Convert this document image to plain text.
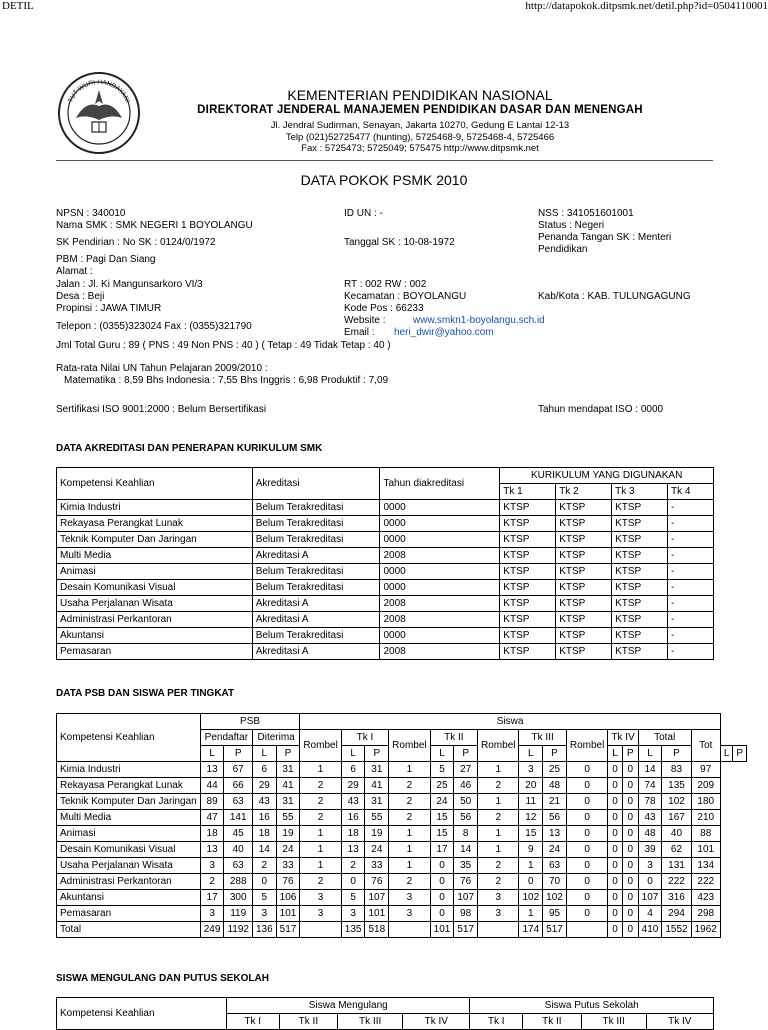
DETIL	http://datapokok.ditpsmk.net/detil.php?id=0504110001
TUT WURI HANDAYANI	KEMENTERIAN PENDIDIKAN NASIONAL
DIREKTORAT JENDERAL MANAJEMEN PENDIDIKAN DASAR DAN MENENGAH
Jl. Jendral Sudirman, Senayan, Jakarta 10270, Gedung E Lantai 12-13
Telp (021)52725477 (hunting), 5725468-9, 5725468-4, 5725466
Fax : 5725473; 5725049; 575475 http://www.ditpsmk.net
DATA POKOK PSMK 2010
NPSN : 340010	ID UN : -	NSS : 341051601001
Nama SMK : SMK NEGERI 1 BOYOLANGU	Status : Negeri
Penanda Tangan SK : Menteri
Pendidikan
SK Pendirian : No SK : 0124/0/1972	Tanggal SK : 10-08-1972
PBM : Pagi Dan Siang
Alamat :
Jalan : Jl. Ki Mangunsarkoro VI/3	RT : 002 RW : 002
Desa : Beji	Kecamatan : BOYOLANGU	Kab/Kota : KAB. TULUNGAGUNG
Propinsi : JAWA TIMUR	Kode Pos : 66233
Website :	www.smkn1-boyolangu.sch.id
Telepon : (0355)323024 Fax : (0355)321790
Email : heri_dwir@yahoo.com
Jml Total Guru : 89 ( PNS : 49 Non PNS : 40 ) ( Tetap : 49 Tidak Tetap : 40 )
Rata-rata Nilai UN Tahun Pelajaran 2009/2010 :
Matematika : 8,59 Bhs Indonesia : 7,55 Bhs Inggris : 6,98 Produktif : 7,09
Sertifikasi ISO 9001:2000 : Belum Bersertifikasi	Tahun mendapat ISO : 0000
DATA AKREDITASI DAN PENERAPAN KURIKULUM SMK
Kompetensi Keahlian	Akreditasi	Tahun diakreditasi	KURIKULUM YANG DIGUNAKAN			
			Tk 1	Tk 2	Tk 3	Tk 4
Kimia Industri	Belum Terakreditasi	0000	KTSP	KTSP	KTSP	-
Rekayasa Perangkat Lunak	Belum Terakreditasi	0000	KTSP	KTSP	KTSP	-
Teknik Komputer Dan Jaringan	Belum Terakreditasi	0000	KTSP	KTSP	KTSP	-
Multi Media	Akreditasi A	2008	KTSP	KTSP	KTSP	-
Animasi	Belum Terakreditasi	0000	KTSP	KTSP	KTSP	-
Desain Komunikasi Visual	Belum Terakreditasi	0000	KTSP	KTSP	KTSP	-
Usaha Perjalanan Wisata	Akreditasi A	2008	KTSP	KTSP	KTSP	-
Administrasi Perkantoran	Akreditasi A	2008	KTSP	KTSP	KTSP	-
Akuntansi	Belum Terakreditasi	0000	KTSP	KTSP	KTSP	-
Pemasaran	Akreditasi A	2008	KTSP	KTSP	KTSP	-
DATA PSB DAN SISWA PER TINGKAT
Kompetensi Keahlian	PSB				Siswa																
	Pendaftar		Diterima		Rombel	Tk I		Rombel	Tk II		Rombel	Tk III		Rombel	Tk IV		Total		Tot		
	L	P	L	P		L	P		L	P		L	P		L	P	L	P		L	P
Kimia Industri	13	67	6	31	1	6	31	1	5	27	1	3	25	0	0	0	14	83	97		
Rekayasa Perangkat Lunak	44	66	29	41	2	29	41	2	25	46	2	20	48	0	0	0	74	135	209		
Teknik Komputer Dan Jaringan	89	63	43	31	2	43	31	2	24	50	1	11	21	0	0	0	78	102	180		
Multi Media	47	141	16	55	2	16	55	2	15	56	2	12	56	0	0	0	43	167	210		
Animasi	18	45	18	19	1	18	19	1	15	8	1	15	13	0	0	0	48	40	88		
Desain Komunikasi Visual	13	40	14	24	1	13	24	1	17	14	1	9	24	0	0	0	39	62	101		
Usaha Perjalanan Wisata	3	63	2	33	1	2	33	1	0	35	2	1	63	0	0	0	3	131	134		
Administrasi Perkantoran	2	288	0	76	2	0	76	2	0	76	2	0	70	0	0	0	0	222	222		
Akuntansi	17	300	5	106	3	5	107	3	0	107	3	102	102	0	0	0	107	316	423		
Pemasaran	3	119	3	101	3	3	101	3	0	98	3	1	95	0	0	0	4	294	298		
Total	249	1192	136	517		135	518		101	517		174	517		0	0	410	1552	1962		
SISWA MENGULANG DAN PUTUS SEKOLAH
Kompetensi Keahlian	Siswa Mengulang				Siswa Putus Sekolah			
	Tk I	Tk II	Tk III	Tk IV	Tk I	Tk II	Tk III	Tk IV
